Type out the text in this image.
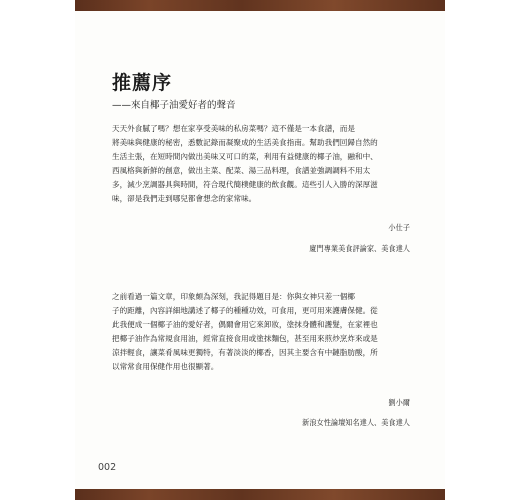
推薦序

——來自椰子油愛好者的聲音

天天外食膩了嗎？想在家享受美味的私房菜嗎？這不僅是一本食譜，而是
將美味與健康的秘密，悉數記錄而凝聚成的生活美食指南。幫助我們回歸自然的
生活主張，在短時間內做出美味又可口的菜，利用有益健康的椰子油，融和中、
西風格與新鮮的創意，做出主菜、配菜、湯三品料理，食譜並強調調料不用太
多，減少烹調器具與時間，符合現代簡樸健康的飲食觀。這些引人入勝的深厚滋
味，卻是我們走到哪兒都會想念的家常味。

小仕子

廈門專業美食評論家、美食達人

之前看過一篇文章，印象頗為深刻，我記得題目是：你與女神只差一個椰
子的距離，內容詳細地講述了椰子的種種功效，可食用，更可用來護膚保健。從
此我便成一個椰子油的愛好者，偶爾會用它來卸妝，塗抹身體和護髮，在家裡也
把椰子油作為常規食用油，經常直接食用或塗抹麵包，甚至用來煎炒烹炸來或是
涼拌輕食，讓菜肴風味更獨特，有著淡淡的椰香，因其主要含有中鏈脂肪酸，所
以常常食用保健作用也很顯著。

劉小爾

新浪女性論壇知名達人、美食達人

002
